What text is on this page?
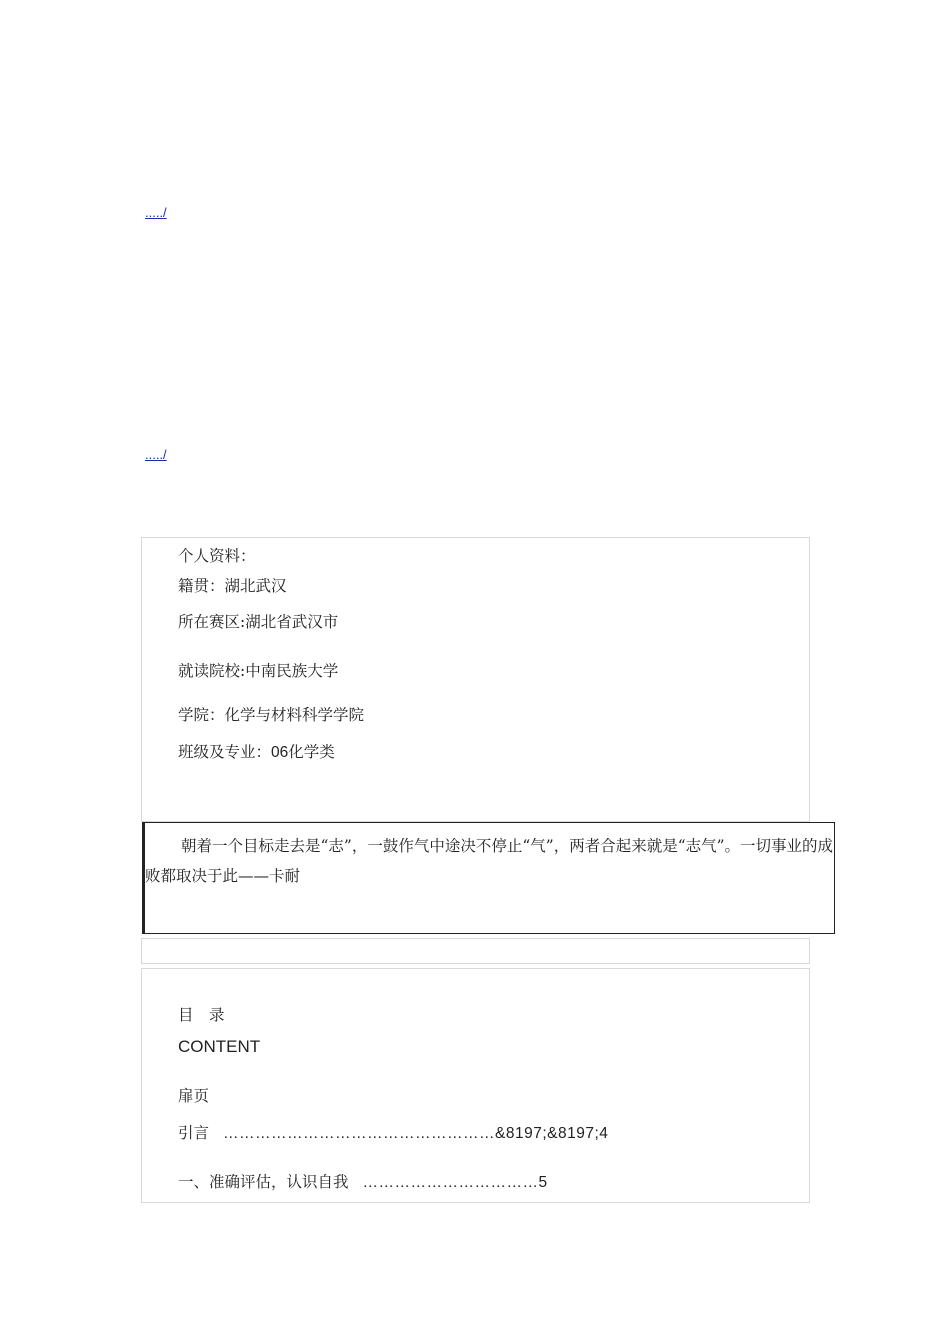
...../
...../
个人资料：
籍贯：湖北武汉
所在赛区:湖北省武汉市
就读院校:中南民族大学
学院：化学与材料科学学院
班级及专业：06化学类

朝着一个目标走去是“志”，一鼓作气中途决不停止“气”，两者合起来就是“志气”。一切事业的成败都取决于此——卡耐

目　录
CONTENT
扉页
引言 ……………………………………………&8197;&8197;4
一、准确评估，认识自我 ……………………………5
